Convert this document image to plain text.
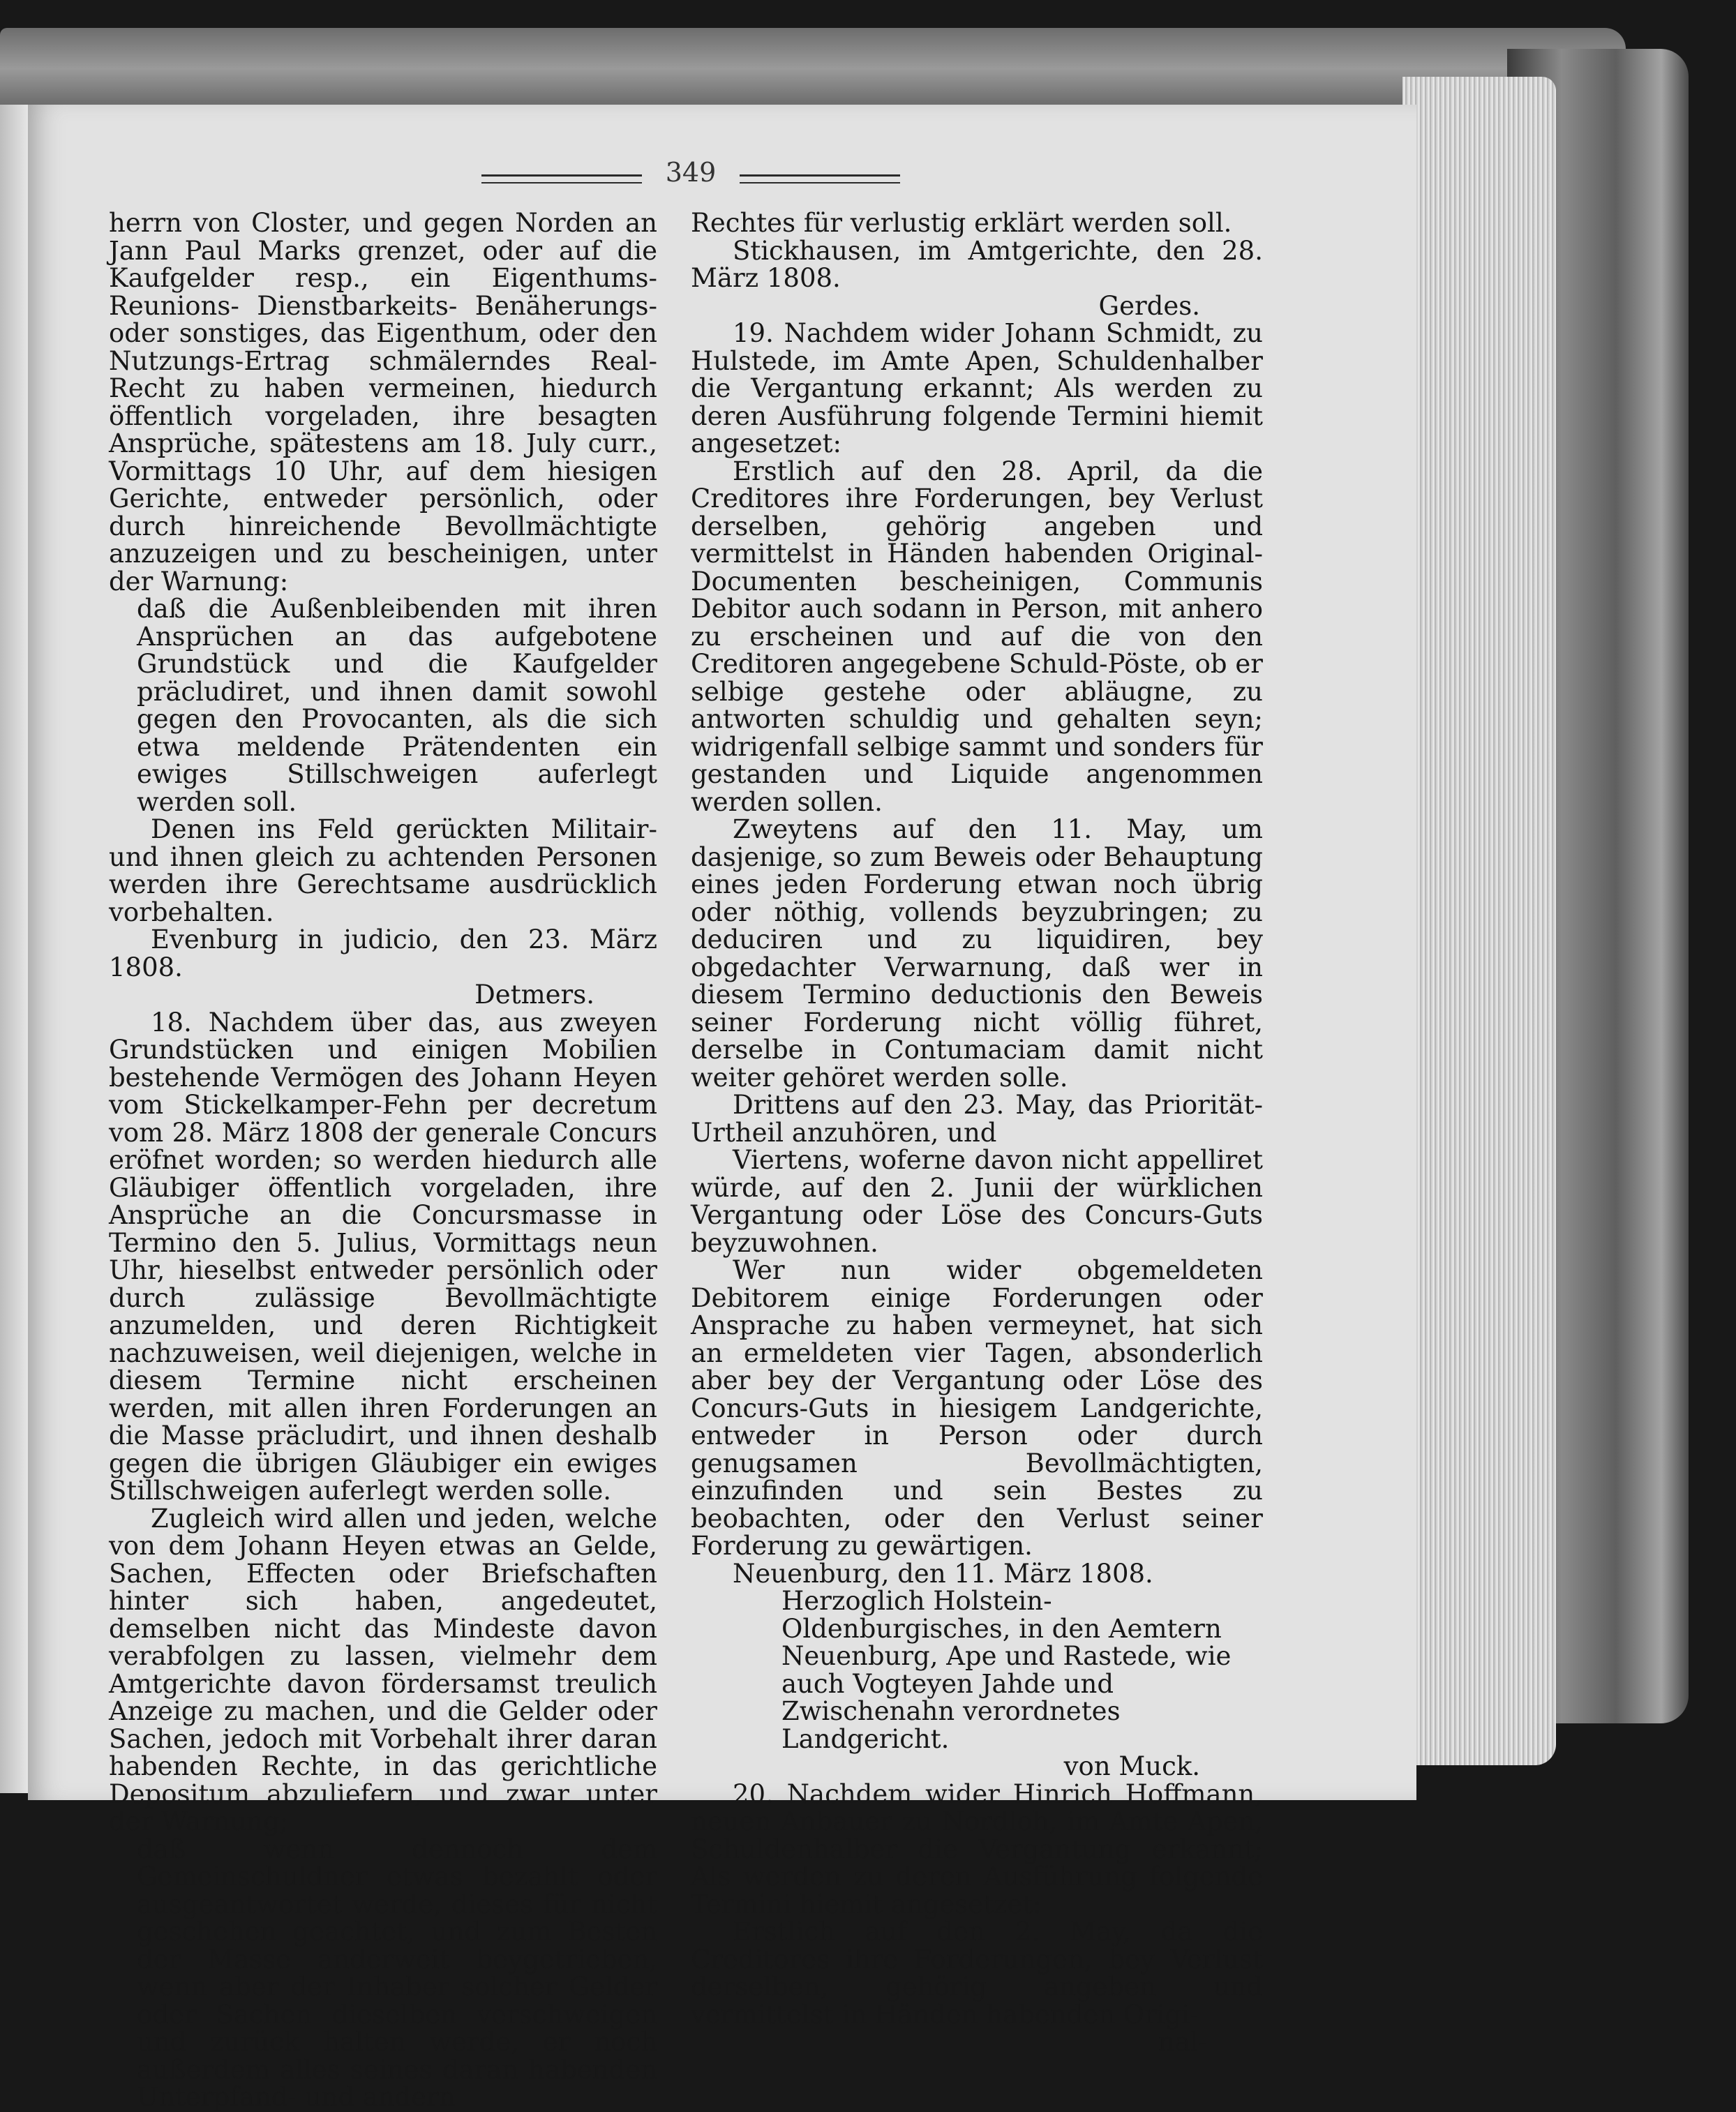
349

herrn von Closter, und gegen Norden an Jann Paul Marks grenzet, oder auf die Kaufgelder resp., ein Eigenthums- Reunions- Dienstbarkeits- Benäherungs- oder sonstiges, das Eigenthum, oder den Nutzungs-Ertrag schmälerndes Real-Recht zu haben vermeinen, hiedurch öffentlich vorgeladen, ihre besagten Ansprüche, spätestens am 18. July curr., Vormittags 10 Uhr, auf dem hiesigen Gerichte, entweder persönlich, oder durch hinreichende Bevollmächtigte anzuzeigen und zu bescheinigen, unter der Warnung:

daß die Außenbleibenden mit ihren Ansprüchen an das aufgebotene Grundstück und die Kaufgelder präcludiret, und ihnen damit sowohl gegen den Provocanten, als die sich etwa meldende Prätendenten ein ewiges Stillschweigen auferlegt werden soll.

Denen ins Feld gerückten Militair- und ihnen gleich zu achtenden Personen werden ihre Gerechtsame ausdrücklich vorbehalten.

Evenburg in judicio, den 23. März 1808.

Detmers.

18. Nachdem über das, aus zweyen Grundstücken und einigen Mobilien bestehende Vermögen des Johann Heyen vom Stickelkamper-Fehn per decretum vom 28. März 1808 der generale Concurs eröfnet worden; so werden hiedurch alle Gläubiger öffentlich vorgeladen, ihre Ansprüche an die Concursmasse in Termino den 5. Julius, Vormittags neun Uhr, hieselbst entweder persönlich oder durch zulässige Bevollmächtigte anzumelden, und deren Richtigkeit nachzuweisen, weil diejenigen, welche in diesem Termine nicht erscheinen werden, mit allen ihren Forderungen an die Masse präcludirt, und ihnen deshalb gegen die übrigen Gläubiger ein ewiges Stillschweigen auferlegt werden solle.

Zugleich wird allen und jeden, welche von dem Johann Heyen etwas an Gelde, Sachen, Effecten oder Briefschaften hinter sich haben, angedeutet, demselben nicht das Mindeste davon verabfolgen zu lassen, vielmehr dem Amtgerichte davon fördersamst treulich Anzeige zu machen, und die Gelder oder Sachen, jedoch mit Vorbehalt ihrer daran habenden Rechte, in das gerichtliche Depositum abzuliefern, und zwar unter der Warnung;

daß wenn dennoch dem Gemeinschuldner etwas bezahlt oder ausgeantwortet werde, dieses für nicht geschehen geachtet, und zum Besten der Masse anderweit beygetrieben, wenn aber der Inhaber solcher Gelder oder Sachen dieselben verschweigen und zurück halten werde, er noch außerdem alles seines daran habenden Unterpfand- und andern

Rechtes für verlustig erklärt werden soll.

Stickhausen, im Amtgerichte, den 28. März 1808.

Gerdes.

19. Nachdem wider Johann Schmidt, zu Hulstede, im Amte Apen, Schuldenhalber die Vergantung erkannt; Als werden zu deren Ausführung folgende Termini hiemit angesetzet:

Erstlich auf den 28. April, da die Creditores ihre Forderungen, bey Verlust derselben, gehörig angeben und vermittelst in Händen habenden Original-Documenten bescheinigen, Communis Debitor auch sodann in Person, mit anhero zu erscheinen und auf die von den Creditoren angegebene Schuld-Pöste, ob er selbige gestehe oder abläugne, zu antworten schuldig und gehalten seyn; widrigenfall selbige sammt und sonders für gestanden und Liquide angenommen werden sollen.

Zweytens auf den 11. May, um dasjenige, so zum Beweis oder Behauptung eines jeden Forderung etwan noch übrig oder nöthig, vollends beyzubringen; zu deduciren und zu liquidiren, bey obgedachter Verwarnung, daß wer in diesem Termino deductionis den Beweis seiner Forderung nicht völlig führet, derselbe in Contumaciam damit nicht weiter gehöret werden solle.

Drittens auf den 23. May, das Priorität-Urtheil anzuhören, und

Viertens, woferne davon nicht appelliret würde, auf den 2. Junii der würklichen Vergantung oder Löse des Concurs-Guts beyzuwohnen.

Wer nun wider obgemeldeten Debitorem einige Forderungen oder Ansprache zu haben vermeynet, hat sich an ermeldeten vier Tagen, absonderlich aber bey der Vergantung oder Löse des Concurs-Guts in hiesigem Landgerichte, entweder in Person oder durch genugsamen Bevollmächtigten, einzufinden und sein Bestes zu beobachten, oder den Verlust seiner Forderung zu gewärtigen.

Neuenburg, den 11. März 1808.

Herzoglich Holstein-Oldenburgisches, in den Aemtern Neuenburg, Ape und Rastede, wie auch Vogteyen Jahde und Zwischenahn verordnetes Landgericht.

von Muck.

20. Nachdem wider Hinrich Hoffmann, neuen Anbauer zu Nordloh, im Amte Apen, Schuldenhalber die Vergantung erkannt; Als werden zu deren Ausführung folgende Termini hiemit angesetzet:

Erstlich auf den 2. May, da die Creditores ihre Forderungen, bey Verlust derselben, gehörig angeben und vermittelst in Händen habenden Origi-

nal-
